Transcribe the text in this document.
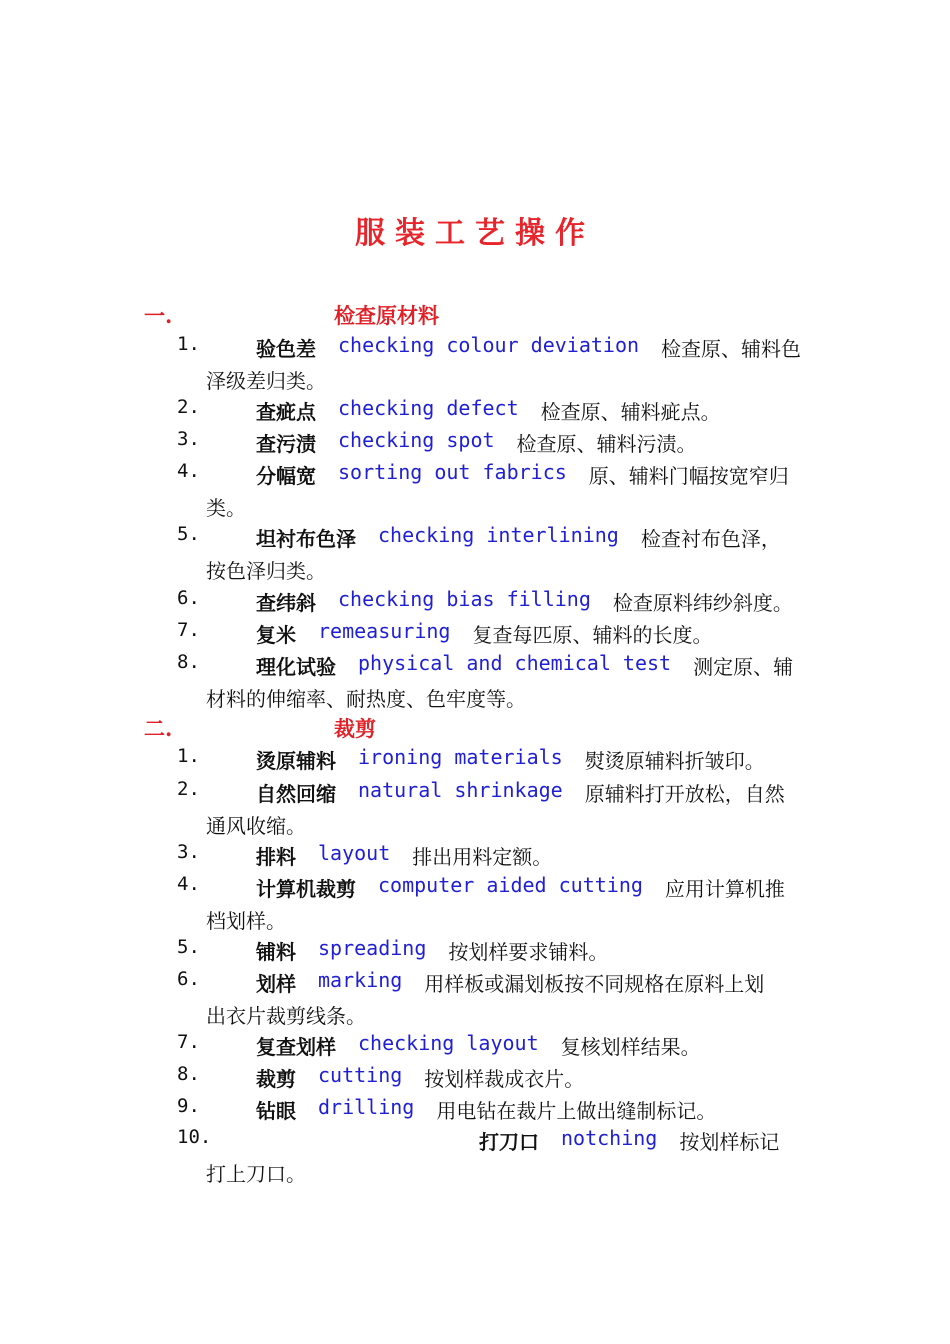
服装工艺操作
一.	检查原材料
1.	验色差 checking colour deviation 检查原、辅料色
泽级差归类。
2.	查疵点 checking defect 检查原、辅料疵点。
3.	查污渍 checking spot 检查原、辅料污渍。
4.	分幅宽 sorting out fabrics 原、辅料门幅按宽窄归
类。
5.	坦衬布色泽 checking interlining 检查衬布色泽，
按色泽归类。
6.	查纬斜 checking bias filling 检查原料纬纱斜度。
7.	复米 remeasuring 复查每匹原、辅料的长度。
8.	理化试验 physical and chemical test 测定原、辅
材料的伸缩率、耐热度、色牢度等。
二.	裁剪
1.	烫原辅料 ironing materials 熨烫原辅料折皱印。
2.	自然回缩 natural shrinkage 原辅料打开放松，自然
通风收缩。
3.	排料 layout 排出用料定额。
4.	计算机裁剪 computer aided cutting 应用计算机推
档划样。
5.	铺料 spreading 按划样要求铺料。
6.	划样 marking 用样板或漏划板按不同规格在原料上划
出衣片裁剪线条。
7.	复查划样 checking layout 复核划样结果。
8.	裁剪 cutting 按划样裁成衣片。
9.	钻眼 drilling 用电钻在裁片上做出缝制标记。
10.	打刀口 notching 按划样标记
打上刀口。
